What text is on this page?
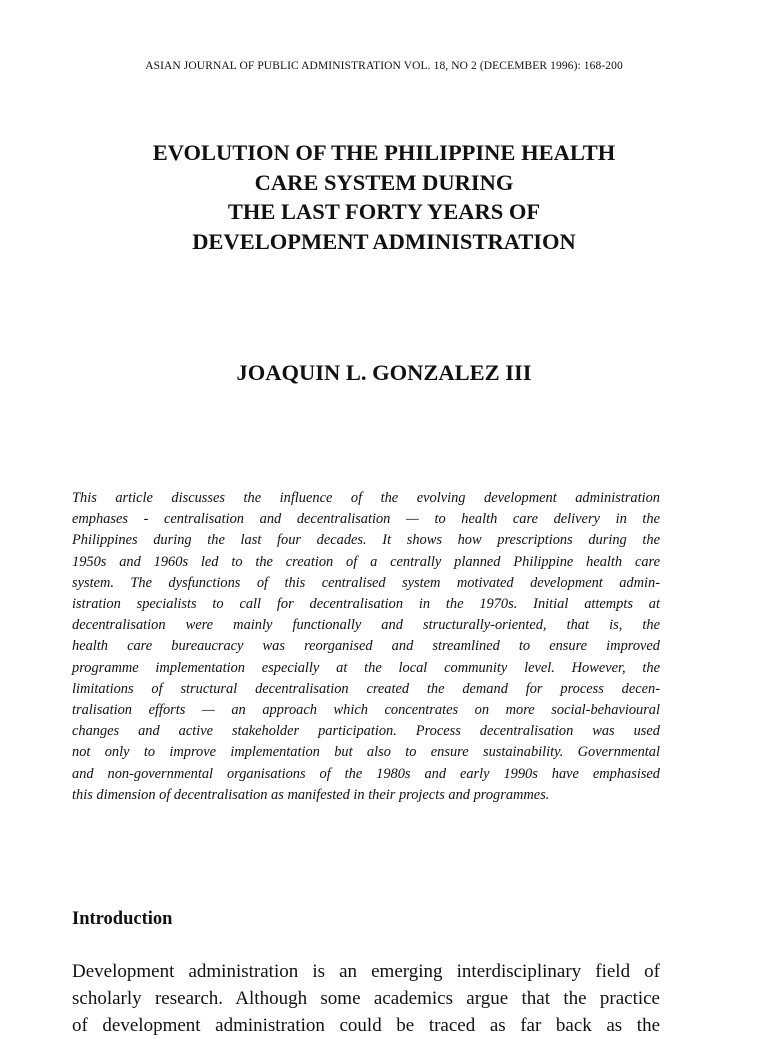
ASIAN JOURNAL OF PUBLIC ADMINISTRATION VOL. 18, NO 2 (DECEMBER 1996): 168-200
EVOLUTION OF THE PHILIPPINE HEALTH
CARE SYSTEM DURING
THE LAST FORTY YEARS OF
DEVELOPMENT ADMINISTRATION
JOAQUIN L. GONZALEZ III
This article discusses the influence of the evolving development administration
emphases - centralisation and decentralisation — to health care delivery in the
Philippines during the last four decades. It shows how prescriptions during the
1950s and 1960s led to the creation of a centrally planned Philippine health care
system. The dysfunctions of this centralised system motivated development admin-
istration specialists to call for decentralisation in the 1970s. Initial attempts at
decentralisation were mainly functionally and structurally-oriented, that is, the
health care bureaucracy was reorganised and streamlined to ensure improved
programme implementation especially at the local community level. However, the
limitations of structural decentralisation created the demand for process decen-
tralisation efforts — an approach which concentrates on more social-behavioural
changes and active stakeholder participation. Process decentralisation was used
not only to improve implementation but also to ensure sustainability. Governmental
and non-governmental organisations of the 1980s and early 1990s have emphasised
this dimension of decentralisation as manifested in their projects and programmes.
Introduction
Development administration is an emerging interdisciplinary field of
scholarly research. Although some academics argue that the practice
of development administration could be traced as far back as the
